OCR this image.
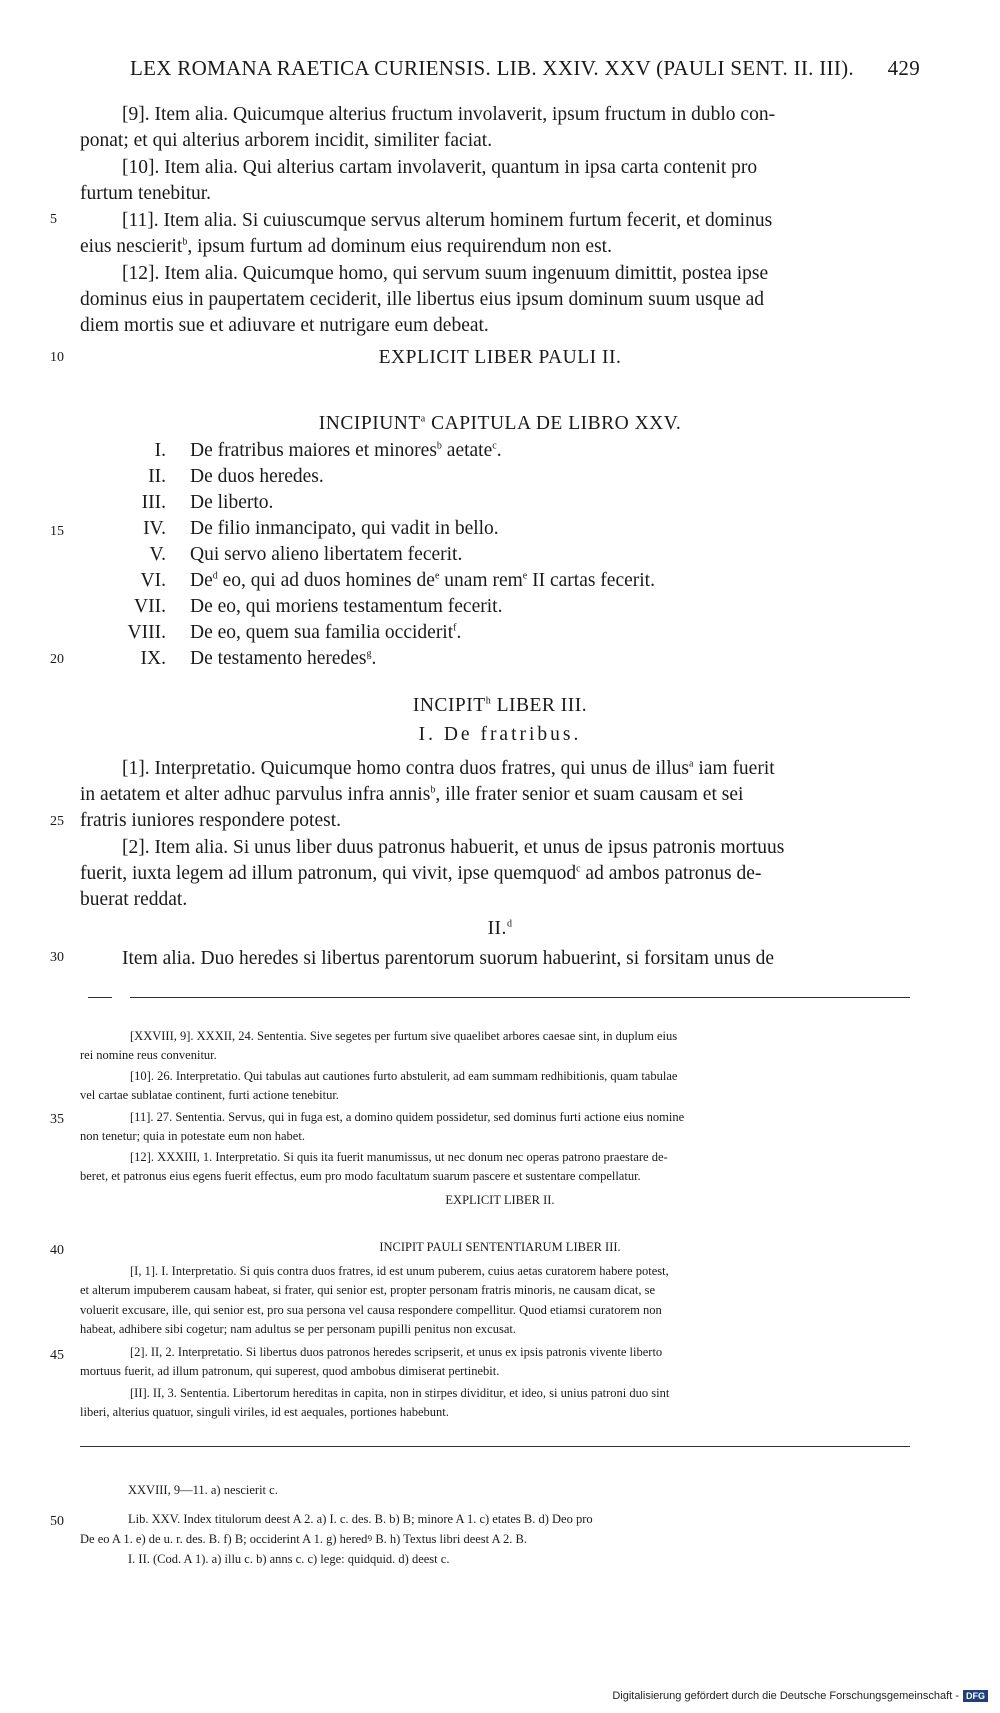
LEX ROMANA RAETICA CURIENSIS. LIB. XXIV. XXV (PAULI SENT. II. III). 429
5
10
15
20
25
30
35
40
45
50
[9]. Item alia. Quicumque alterius fructum involaverit, ipsum fructum in dublo con-
ponat; et qui alterius arborem incidit, similiter faciat.
[10]. Item alia. Qui alterius cartam involaverit, quantum in ipsa carta contenit pro
furtum tenebitur.
[11]. Item alia. Si cuiuscumque servus alterum hominem furtum fecerit, et dominus
eius nescierit$^b$, ipsum furtum ad dominum eius requirendum non est.
[12]. Item alia. Quicumque homo, qui servum suum ingenuum dimittit, postea ipse
dominus eius in paupertatem ceciderit, ille libertus eius ipsum dominum suum usque ad
diem mortis sue et adiuvare et nutrigare eum debeat.
EXPLICIT LIBER PAULI II.
INCIPIUNT$^a$ CAPITULA DE LIBRO XXV.
I. De fratribus maiores et minores$^b$ aetate$^c$.
II. De duos heredes.
III. De liberto.
IV. De filio inmancipato, qui vadit in bello.
V. Qui servo alieno libertatem fecerit.
VI. De$^d$ eo, qui ad duos homines $de^e$ unam rem$^e$ II cartas fecerit.
VII. De eo, qui moriens testamentum fecerit.
VIII. De eo, quem sua familia occiderit$^f$.
IX. De testamento heredes$^g$.
INCIPIT$^h$ LIBER III.
I. De fratribus.
[1]. Interpretatio. Quicumque homo contra duos fratres, qui unus de illus$^a$ iam fuerit
in aetatem et alter adhuc parvulus infra annis$^b$, ille frater senior et suam causam et sei
fratris iuniores respondere potest.
[2]. Item alia. Si unus liber duus patronus habuerit, et unus de ipsus patronis mortuus
fuerit, iuxta legem ad illum patronum, qui vivit, ipse quemquod$^c$ ad ambos patronus de-
buerat reddat.
II.$^d$
Item alia. Duo heredes si libertus parentorum suorum habuerint, si forsitam unus de
[XXVIII, 9]. XXXII, 24. Sententia. Sive segetes per furtum sive quaelibet arbores caesae sint, in duplum eius
rei nomine reus convenitur.
[10]. 26. Interpretatio. Qui tabulas aut cautiones furto abstulerit, ad eam summam redhibitionis, quam tabulae
vel cartae sublatae continent, furti actione tenebitur.
[11]. 27. Sententia. Servus, qui in fuga est, a domino quidem possidetur, sed dominus furti actione eius nomine
non tenetur; quia in potestate eum non habet.
[12]. XXXIII, 1. Interpretatio. Si quis ita fuerit manumissus, ut nec donum nec operas patrono praestare de-
beret, et patronus eius egens fuerit effectus, eum pro modo facultatum suarum pascere et sustentare compellatur.
EXPLICIT LIBER II.
INCIPIT PAULI SENTENTIARUM LIBER III.
[I, 1]. I. Interpretatio. Si quis contra duos fratres, id est unum puberem, cuius aetas curatorem habere potest,
et alterum impuberem causam habeat, si frater, qui senior est, propter personam fratris minoris, ne causam dicat, se
voluerit excusare, ille, qui senior est, pro sua persona vel causa respondere compellitur. Quod etiamsi curatorem non
habeat, adhibere sibi cogetur; nam adultus se per personam pupilli penitus non excusat.
[2]. II, 2. Interpretatio. Si libertus duos patronos heredes scripserit, et unus ex ipsis patronis vivente liberto
mortuus fuerit, ad illum patronum, qui superest, quod ambobus dimiserat pertinebit.
[II]. II, 3. Sententia. Libertorum hereditas in capita, non in stirpes dividitur, et ideo, si unius patroni duo sint
liberi, alterius quatuor, singuli viriles, id est aequales, portiones habebunt.
XXVIII, 9—11. a) nescierit c.
Lib. XXV. Index titulorum deest A 2. a) I. c. des. B. b) B; minore A 1. c) etates B. d) Deo pro
De eo A 1. e) de u. r. des. B. f) B; occiderint A 1. g) heredꝰ B. h) Textus libri deest A 2. B.
I. II. (Cod. A 1). a) illu c. b) anns c. c) lege: quidquid. d) deest c.
Digitalisierung gefördert durch die Deutsche Forschungsgemeinschaft - DFG
